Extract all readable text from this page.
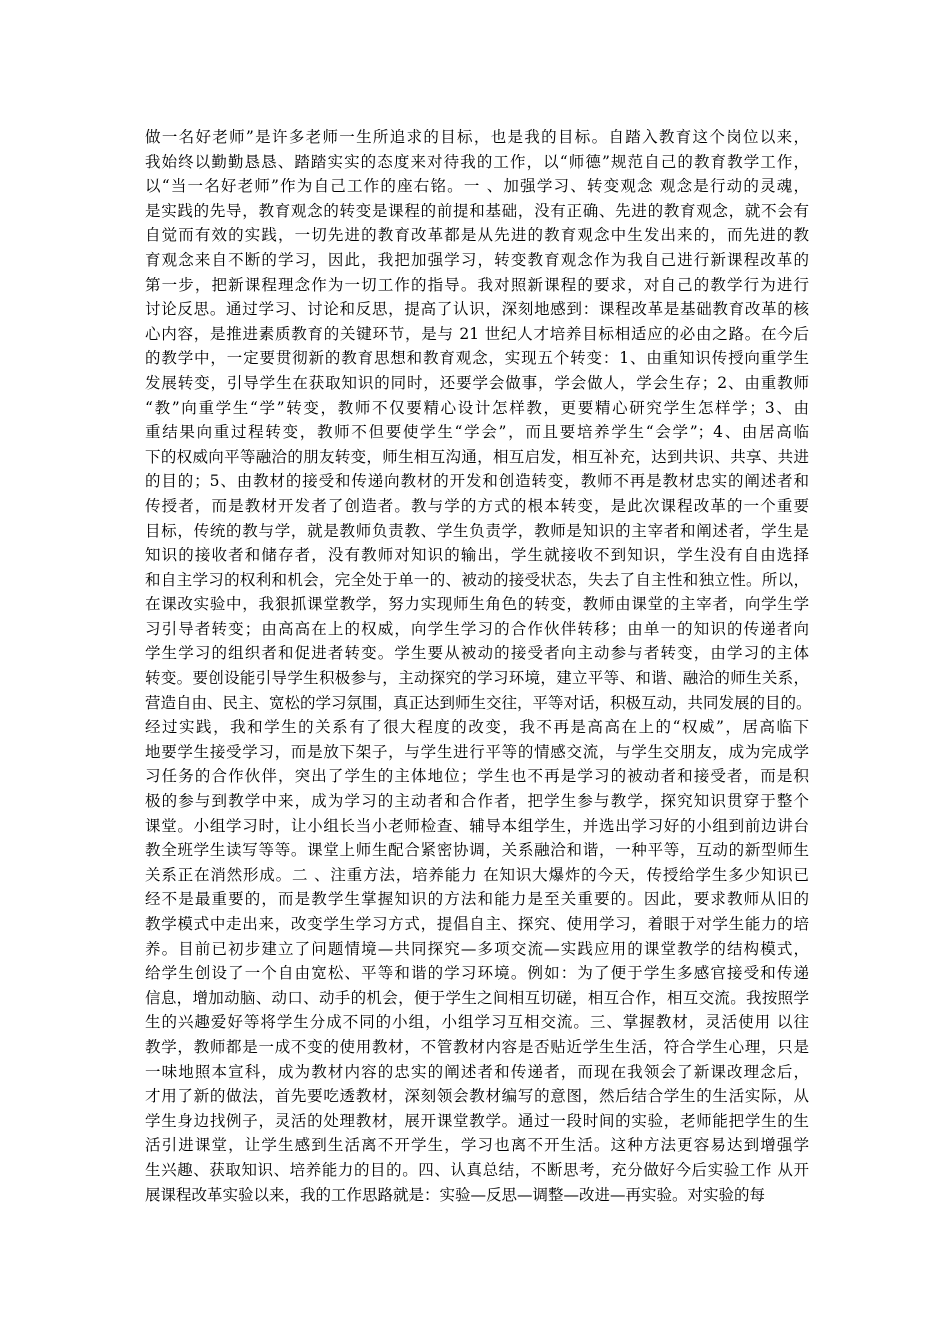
做一名好老师”是许多老师一生所追求的目标，也是我的目标。自踏入教育这个岗位以来，
我始终以勤勤恳恳、踏踏实实的态度来对待我的工作，以“师德”规范自己的教育教学工作，
以“当一名好老师”作为自己工作的座右铭。一 、加强学习、转变观念 观念是行动的灵魂，
是实践的先导，教育观念的转变是课程的前提和基础，没有正确、先进的教育观念，就不会有
自觉而有效的实践，一切先进的教育改革都是从先进的教育观念中生发出来的，而先进的教
育观念来自不断的学习，因此，我把加强学习，转变教育观念作为我自己进行新课程改革的
第一步，把新课程理念作为一切工作的指导。我对照新课程的要求，对自己的教学行为进行
讨论反思。通过学习、讨论和反思，提高了认识，深刻地感到：课程改革是基础教育改革的核
心内容，是推进素质教育的关键环节，是与 21 世纪人才培养目标相适应的必由之路。在今后
的教学中，一定要贯彻新的教育思想和教育观念，实现五个转变：1、由重知识传授向重学生
发展转变，引导学生在获取知识的同时，还要学会做事，学会做人，学会生存；2、由重教师
“教”向重学生“学”转变，教师不仅要精心设计怎样教，更要精心研究学生怎样学；3、由
重结果向重过程转变，教师不但要使学生“学会”，而且要培养学生“会学”；4、由居高临
下的权威向平等融洽的朋友转变，师生相互沟通，相互启发，相互补充，达到共识、共享、共进
的目的；5、由教材的接受和传递向教材的开发和创造转变，教师不再是教材忠实的阐述者和
传授者，而是教材开发者了创造者。教与学的方式的根本转变，是此次课程改革的一个重要
目标，传统的教与学，就是教师负责教、学生负责学，教师是知识的主宰者和阐述者，学生是
知识的接收者和储存者，没有教师对知识的输出，学生就接收不到知识，学生没有自由选择
和自主学习的权利和机会，完全处于单一的、被动的接受状态，失去了自主性和独立性。所以，
在课改实验中，我狠抓课堂教学，努力实现师生角色的转变，教师由课堂的主宰者，向学生学
习引导者转变；由高高在上的权威，向学生学习的合作伙伴转移；由单一的知识的传递者向
学生学习的组织者和促进者转变。学生要从被动的接受者向主动参与者转变，由学习的主体
转变。要创设能引导学生积极参与，主动探究的学习环境，建立平等、和谐、融洽的师生关系，
营造自由、民主、宽松的学习氛围，真正达到师生交往，平等对话，积极互动，共同发展的目的。
经过实践，我和学生的关系有了很大程度的改变，我不再是高高在上的“权威”，居高临下
地要学生接受学习，而是放下架子，与学生进行平等的情感交流，与学生交朋友，成为完成学
习任务的合作伙伴，突出了学生的主体地位；学生也不再是学习的被动者和接受者，而是积
极的参与到教学中来，成为学习的主动者和合作者，把学生参与教学，探究知识贯穿于整个
课堂。小组学习时，让小组长当小老师检查、辅导本组学生，并选出学习好的小组到前边讲台
教全班学生读写等等。课堂上师生配合紧密协调，关系融洽和谐，一种平等，互动的新型师生
关系正在消然形成。二 、注重方法，培养能力 在知识大爆炸的今天，传授给学生多少知识已
经不是最重要的，而是教学生掌握知识的方法和能力是至关重要的。因此，要求教师从旧的
教学模式中走出来，改变学生学习方式，提倡自主、探究、使用学习，着眼于对学生能力的培
养。目前已初步建立了问题情境—共同探究—多项交流—实践应用的课堂教学的结构模式，
给学生创设了一个自由宽松、平等和谐的学习环境。例如：为了便于学生多感官接受和传递
信息，增加动脑、动口、动手的机会，便于学生之间相互切磋，相互合作，相互交流。我按照学
生的兴趣爱好等将学生分成不同的小组，小组学习互相交流。三、掌握教材，灵活使用 以往
教学，教师都是一成不变的使用教材，不管教材内容是否贴近学生生活，符合学生心理，只是
一味地照本宣科，成为教材内容的忠实的阐述者和传递者，而现在我领会了新课改理念后，
才用了新的做法，首先要吃透教材，深刻领会教材编写的意图，然后结合学生的生活实际，从
学生身边找例子，灵活的处理教材，展开课堂教学。通过一段时间的实验，老师能把学生的生
活引进课堂，让学生感到生活离不开学生，学习也离不开生活。这种方法更容易达到增强学
生兴趣、获取知识、培养能力的目的。四、认真总结，不断思考，充分做好今后实验工作 从开
展课程改革实验以来，我的工作思路就是：实验—反思—调整—改进—再实验。对实验的每
